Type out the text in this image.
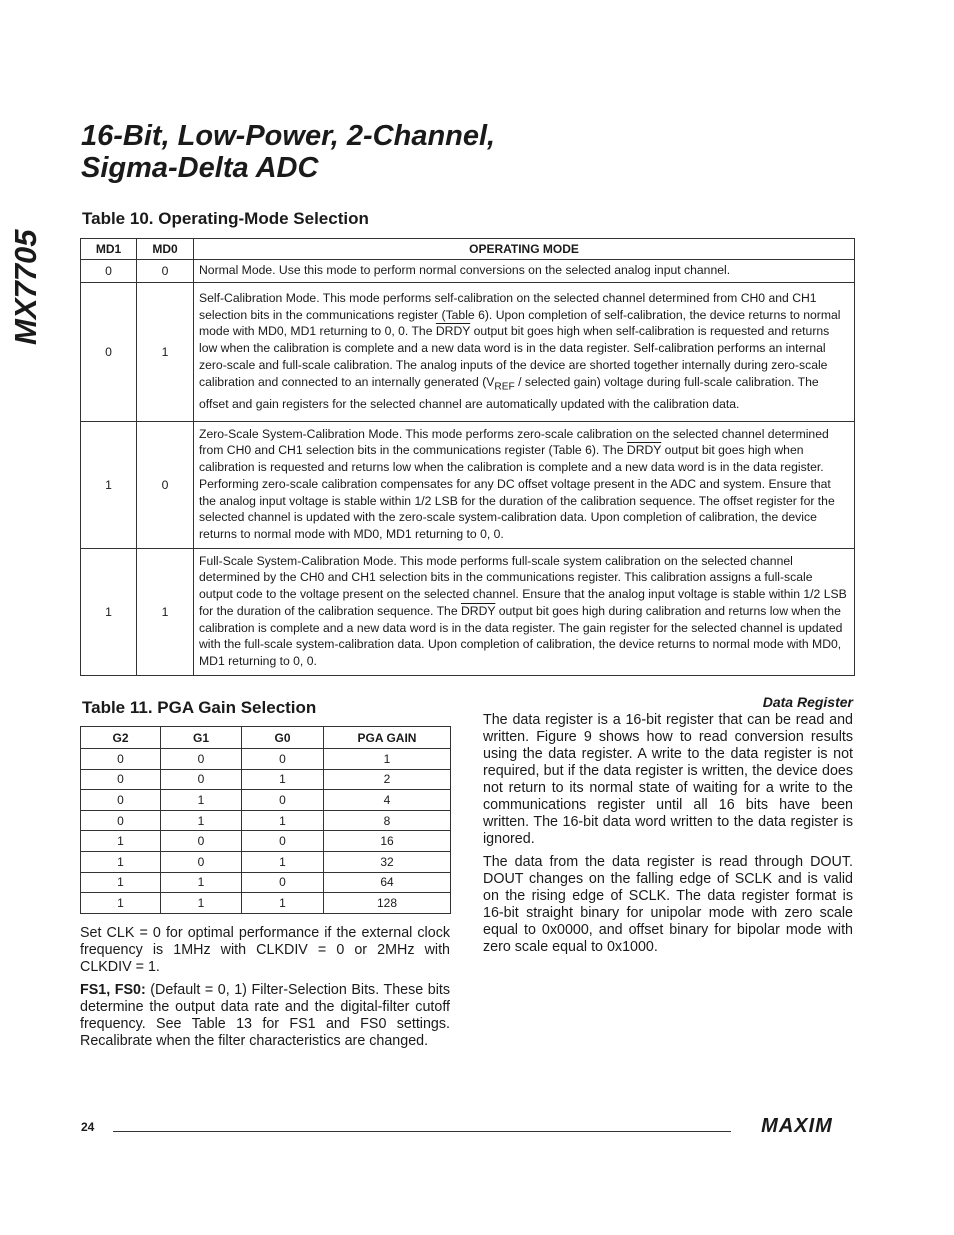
MX7705
16-Bit, Low-Power, 2-Channel,
Sigma-Delta ADC
Table 10. Operating-Mode Selection
MD1	MD0	OPERATING MODE
0	0	Normal Mode. Use this mode to perform normal conversions on the selected analog input channel.
0	1	Self-Calibration Mode. This mode performs self-calibration on the selected channel determined from CH0 and CH1 selection bits in the communications register (Table 6). Upon completion of self-calibration, the device returns to normal mode with MD0, MD1 returning to 0, 0. The DRDY output bit goes high when self-calibration is requested and returns low when the calibration is complete and a new data word is in the data register. Self-calibration performs an internal zero-scale and full-scale calibration. The analog inputs of the device are shorted together internally during zero-scale calibration and connected to an internally generated ($V_{REF}$ / selected gain) voltage during full-scale calibration. The offset and gain registers for the selected channel are automatically updated with the calibration data.
1	0	Zero-Scale System-Calibration Mode. This mode performs zero-scale calibration on the selected channel determined from CH0 and CH1 selection bits in the communications register (Table 6). The DRDY output bit goes high when calibration is requested and returns low when the calibration is complete and a new data word is in the data register. Performing zero-scale calibration compensates for any DC offset voltage present in the ADC and system. Ensure that the analog input voltage is stable within 1/2 LSB for the duration of the calibration sequence. The offset register for the selected channel is updated with the zero-scale system-calibration data. Upon completion of calibration, the device returns to normal mode with MD0, MD1 returning to 0, 0.
1	1	Full-Scale System-Calibration Mode. This mode performs full-scale system calibration on the selected channel determined by the CH0 and CH1 selection bits in the communications register. This calibration assigns a full-scale output code to the voltage present on the selected channel. Ensure that the analog input voltage is stable within 1/2 LSB for the duration of the calibration sequence. The DRDY output bit goes high during calibration and returns low when the calibration is complete and a new data word is in the data register. The gain register for the selected channel is updated with the full-scale system-calibration data. Upon completion of calibration, the device returns to normal mode with MD0, MD1 returning to 0, 0.
Table 11. PGA Gain Selection
G2	G1	G0	PGA GAIN
0	0	0	1
0	0	1	2
0	1	0	4
0	1	1	8
1	0	0	16
1	0	1	32
1	1	0	64
1	1	1	128

Set CLK = 0 for optimal performance if the external clock frequency is 1MHz with CLKDIV = 0 or 2MHz with CLKDIV = 1.

FS1, FS0: (Default = 0, 1) Filter-Selection Bits. These bits determine the output data rate and the digital-filter cutoff frequency. See Table 13 for FS1 and FS0 settings. Recalibrate when the filter characteristics are changed.

Data Register

The data register is a 16-bit register that can be read and written. Figure 9 shows how to read conversion results using the data register. A write to the data register is not required, but if the data register is written, the device does not return to its normal state of waiting for a write to the communications register until all 16 bits have been written. The 16-bit data word written to the data register is ignored.

The data from the data register is read through DOUT. DOUT changes on the falling edge of SCLK and is valid on the rising edge of SCLK. The data register format is 16-bit straight binary for unipolar mode with zero scale equal to 0x0000, and offset binary for bipolar mode with zero scale equal to 0x1000.

24	MAXIM
